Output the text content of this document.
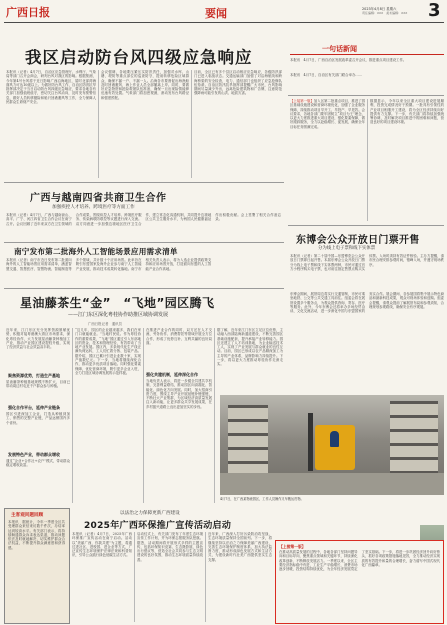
广西日报	要闻	2023年4月8日 星期六
责任编辑：XXX　美术编辑：XXX 3
我区启动防台风四级应急响应
本报讯（记者）4月7日，自治区应急管理厅、水利厅、气象局等部门召开会商会，研判台风对我区的影响。根据预测，今年第4号台风将于近日影响广西沿海地区，届时北部湾海面风力可达10级以上。为做好防台风工作，自治区防汛抗旱指挥部决定于当日启动防台风四级应急响应，要求各地各有关部门加强值班值守，密切关注台风动向，及时发布预警信息，做好人员转移避险和船只回港避风等工作，全力保障人民群众生命财产安全。
会议强调，各地要压紧压实防汛责任，加强对水库、山塘、堤防等重点部位的巡查防守，提前转移危险区域群众，确保不漏一户、不漏一人。沿海各市要督促出海渔船及时回港避风，海上作业人员全部撤离上岸。同时，要做好应急物资和抢险救援队伍准备，确保一旦出现险情能够迅速有效处置。气象部门将加密观测，滚动发布台风路径和强度预报。
目前，全区已有多个县区启动相应应急响应，各级防汛部门已进入临战状态。交通运输部门加强了对沿海航线和跨海桥梁的安全检查，电力、通信部门也组织了应急抢修队伍待命。自治区防汛抗旱指挥部提醒广大市民，台风影响期间尽量减少外出，远离危险建筑物和广告牌，注意防范强降雨可能引发的山洪、地质灾害。
广西与越南四省共商卫生合作
加强疾控人才培养、跨境医疗等方面工作
本报讯（记者）4月7日，广西与越南谅山、高平、广宁、河江四省卫生合作会议在南宁召开。会议回顾了近年来双方在卫生领域的合作成果，围绕疾控人才培养、跨境医疗服务、传染病联防联控等议题进行深入交流。双方同意进一步加强边境地区医疗卫生合作，建立常态化沟通机制，共同提升边境地区公共卫生服务水平，为两国人民健康福祉作出积极贡献。会上签署了相关合作备忘录。
南宁发布第二批海外人工智能场景应用需求清单
本报讯（记者）南宁市近日发布第二批面向海外的人工智能场景应用需求清单，涵盖智慧交通、智慧医疗、智慧物流、智能制造等多个领域，共计数十个应用场景。此举旨在吸引东盟国家及海外企业参与南宁人工智能产业发展，推动技术成果转化落地。南宁市相关负责人表示，将为入选企业提供政策支持和应用场景开放，打造面向东盟的人工智能产业合作高地。
星油藤茶生“金”　“飞地”园区腾飞
——江门东区深化粤桂协作助推区域协调发展
广西日报记者　通讯员
近年来，江门东区充分发挥资源禀赋优势，积极对接粤港澳大湾区市场需求，深化粤桂协作，大力发展星油藤茶种植加工产业，推动产业园区建设提档升级，实现了经济效益与社会效益双丰收。
聚焦资源优势，打造生产基地
星油藤茶种植基地规模不断扩大，目前已带动周边村屯近千户群众参与种植。
强化合作平台，延伸产业链条
园区引进深加工企业，打造从种植到加工、销售的完整产业链，产品远销国内多个省份。
发展特色产业，带动群众增收
通过“企业+合作社+农户”模式，带动群众稳定增收致富。
“这几年，园区的企业越来越多，我们在家门口就能就业。”当地村民说。作为粤桂协作的重要成果，“飞地”园区通过引入东部地区的资金、技术和管理经验，有效带动了当地产业发展。园区内，多条现代化生产线正满负荷运转，工人们忙着分拣、包装产品。据介绍，园区已累计引进企业数十家，实现产值数亿元。下一步，当地将继续深化合作，推动更多优质项目落地。同时强化要素保障，优化营商环境，吸引更多企业入驻，全力打造区域协调发展的示范样板。	强化共建机制，延伸深化合作
在推进产业合作的同时，双方还在人才交流、劳务协作、消费帮扶等领域开展全方位合作，形成了优势互补、互利共赢的良好局面。
当地负责人表示，将进一步健全共建共享机制，完善利益联结，推动园区向高端化、智能化、绿色化方向发展。同时，加大招商引资力度，围绕主导产业开展延链补链强链，不断壮大产业集群，为区域经济高质量发展注入新动能，让更多群众共享发展成果，在乡村振兴道路上迈出更加坚实的步伐。
据了解，近年来江门东区立足区位优势，主动融入西部陆海新通道建设，不断完善园区基础设施配套，提升承接产业转移能力。园区还建立了人才培训基地，为企业输送技术工人，实现了产业发展与群众就业的良性互动。目前，园区已形成以农产品精深加工为主导的产业体系，品牌影响力持续提升。下一步，将以更大力度推动粤桂协作走深走实。
一句话新闻
本报讯　4月7日，广西自治区发展改革委召开会议，推进重点项目建设工作。
本报讯　4月7日，自治区有关部门联合举办……
【上接第一版】加入区第二批重点项目，推进了园区基础设施建设和营商环境优化，加强了企业服务保障，持续推动项目早开工、早投产、早见效。会议要求，各地各部门要牢固树立“项目为王”理念，以更大力度推进重大项目建设，强化要素保障，做好跟踪服务，全力以赴稳增长、促发展，确保全年目标任务圆满完成。
数据显示，今年以来全区重大项目建设进展顺利，投资完成情况好于预期。一批具有引领性的产业项目相继开工建设，将为全区经济持续向好提供有力支撑。下一步，有关部门将持续加强统筹协调，及时解决项目推进中的困难和问题，营造良好的项目建设环境。
东博会公众开放日门票开售
分为线上电子票和线下实体票
本报讯（记者）第二十届中国—东盟博览会公众开放日门票即日起开售。本届东博会公众开放日门票分为线上电子票和线下实体票两种，市民可通过官方小程序购买电子票，也可前往指定售票点购买实体票。入场时须持有效证件核验。主办方提醒，请市民合理安排参观时间，错峰入场，并遵守现场秩序。
4月7日，在广西某物流园区，工作人员操作叉车搬运货物。
东博会期间，展馆周边将实行交通管制，市民可乘坐地铁、公交等公共交通工具前往。组委会将在展馆设置多个服务点，为观众提供咨询、寄存、医疗等服务。此外，今年东博会还将举办多场经贸洽谈、文化交流活动，进一步深化中国与东盟国家的务实合作。展会期间，各参展国将集中展示特色商品和最新科技成果，观众可现场体验和选购。组委会提醒，请观众提前了解展馆布局和参观须知，合理规划参观路线，确保安全有序观展。
主客观问题回顾
本报讯　据统计，今年一季度全区共受理群众来信来访数千件次，办结率达到较高水平。有关部门表示，将持续畅通群众诉求表达渠道，推动问题依法及时就地解决，切实维护群众合法权益，不断提升群众满意度和获得感。
以法治之力保障更新广西建设
2025年广西环保推广宣传活动启动
本报讯（记者）4月7日，2025年广西环保推广宣传活动在南宁启动。活动以“美丽广西，你我共建”为主题，将通过进社区、进校园、进企业等方式，广泛宣传生态环境保护法律法规和科普知识，引导公众践行绿色低碳生活方式。
启动仪式上，有关部门发布了年度生态环境宣传工作计划，并为环保志愿服务队授旗。据悉，活动期间将开展形式多样的主题宣传，包括环保知识竞赛、生态摄影展、绿色出行倡议等，营造全社会共同参与生态文明建设的良好氛围，推动生态环境质量持续改善。
近年来，广西深入打好污染防治攻坚战，生态环境质量保持全国前列。下一步，将继续坚持以法治之力保障美丽广西建设，完善生态环境保护制度体系，加大执法监督力度，推动形成绿色发展方式和生活方式，为建设新时代壮美广西提供坚实生态支撑。
【上接第一版】
在推动高质量发展的过程中，各地各部门坚持问题导向和目标导向，聚焦重点领域和关键环节，持续深化改革创新，不断释放发展活力。一季度以来，全区主要经济指标稳中有进，工业生产平稳增长，消费市场逐步回暖，投资结构持续优化，为全年经济发展奠定了坚实基础。下一步，将进一步巩固经济回升向好势头，抓好各项政策措施落地见效，全力推动经济实现质的有效提升和量的合理增长，奋力谱写中国式现代化广西篇章。
